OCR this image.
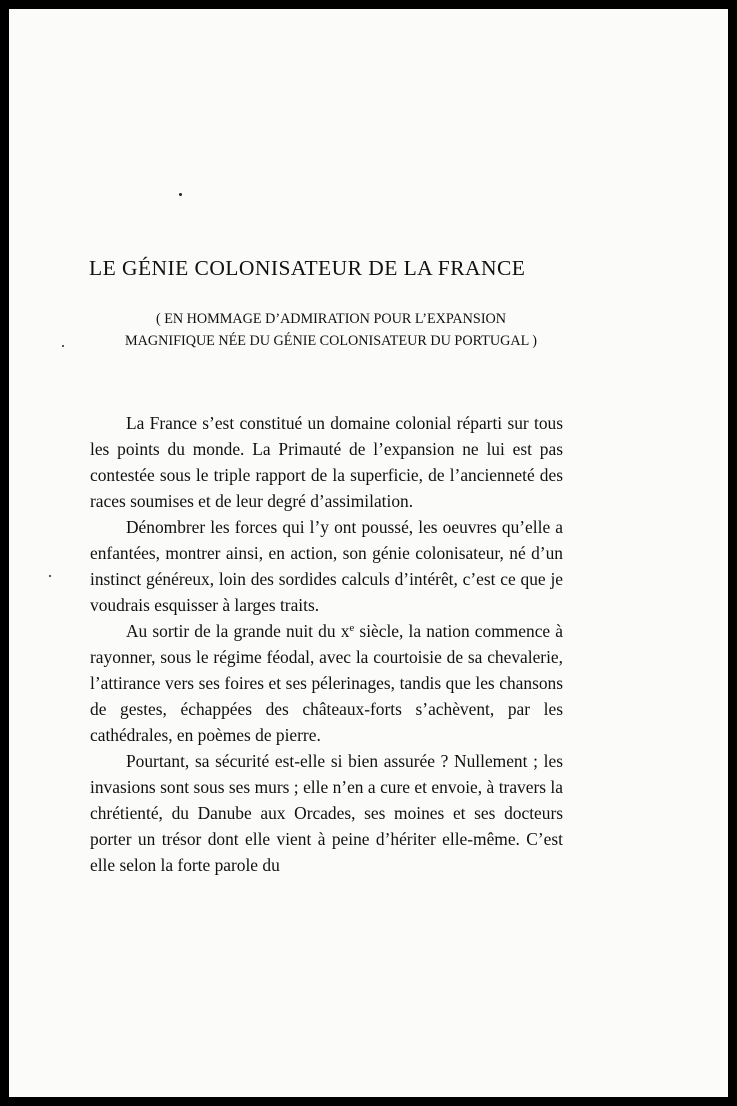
LE GÉNIE COLONISATEUR DE LA FRANCE
( EN HOMMAGE D’ADMIRATION POUR L’EXPANSION
MAGNIFIQUE NÉE DU GÉNIE COLONISATEUR DU PORTUGAL )

La France s’est constitué un domaine colonial réparti sur tous les points du monde. La Primauté de l’expansion ne lui est pas contestée sous le triple rapport de la superficie, de l’ancienneté des races soumises et de leur degré d’assimilation.

Dénombrer les forces qui l’y ont poussé, les oeuvres qu’elle a enfantées, montrer ainsi, en action, son génie colonisateur, né d’un instinct généreux, loin des sordides calculs d’intérêt, c’est ce que je voudrais esquisser à larges traits.

Au sortir de la grande nuit du $x^e$ siècle, la nation commence à rayonner, sous le régime féodal, avec la courtoisie de sa chevalerie, l’attirance vers ses foires et ses pélerinages, tandis que les chansons de gestes, échappées des châteaux-forts s’achèvent, par les cathédrales, en poèmes de pierre.

Pourtant, sa sécurité est-elle si bien assurée ? Nullement ; les invasions sont sous ses murs ; elle n’en a cure et envoie, à travers la chrétienté, du Danube aux Orcades, ses moines et ses docteurs porter un trésor dont elle vient à peine d’hériter elle-même. C’est elle selon la forte parole du
